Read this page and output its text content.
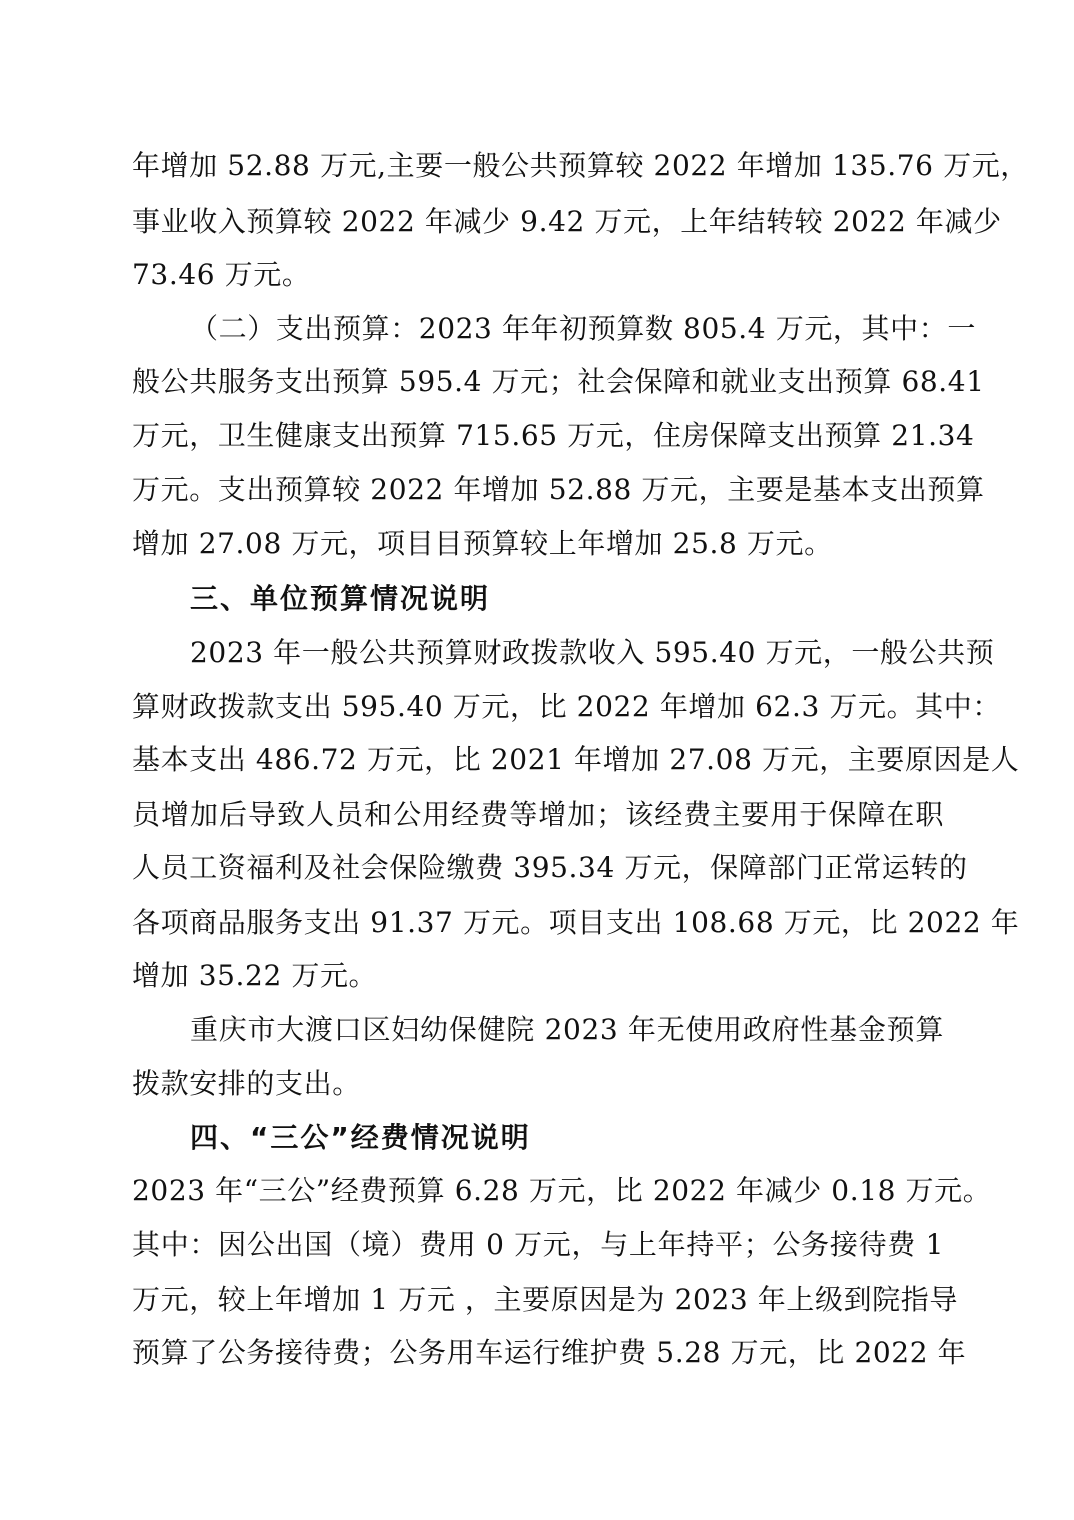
年增加 52.88 万元,主要一般公共预算较 2022 年增加 135.76 万元，
事业收入预算较 2022 年减少 9.42 万元，上年结转较 2022 年减少
73.46 万元。
（二）支出预算：2023 年年初预算数 805.4 万元，其中：一
般公共服务支出预算 595.4 万元；社会保障和就业支出预算 68.41
万元，卫生健康支出预算 715.65 万元，住房保障支出预算 21.34
万元。支出预算较 2022 年增加 52.88 万元，主要是基本支出预算
增加 27.08 万元，项目目预算较上年增加 25.8 万元。
三、单位预算情况说明
2023 年一般公共预算财政拨款收入 595.40 万元，一般公共预
算财政拨款支出 595.40 万元，比 2022 年增加 62.3 万元。其中：
基本支出 486.72 万元，比 2021 年增加 27.08 万元，主要原因是人
员增加后导致人员和公用经费等增加；该经费主要用于保障在职
人员工资福利及社会保险缴费 395.34 万元，保障部门正常运转的
各项商品服务支出 91.37 万元。项目支出 108.68 万元，比 2022 年
增加 35.22 万元。
重庆市大渡口区妇幼保健院 2023 年无使用政府性基金预算
拨款安排的支出。
四、“三公”经费情况说明
2023 年“三公”经费预算 6.28 万元，比 2022 年减少 0.18 万元。
其中：因公出国（境）费用 0 万元，与上年持平；公务接待费 1
万元，较上年增加 1 万元 ，主要原因是为 2023 年上级到院指导
预算了公务接待费；公务用车运行维护费 5.28 万元，比 2022 年
